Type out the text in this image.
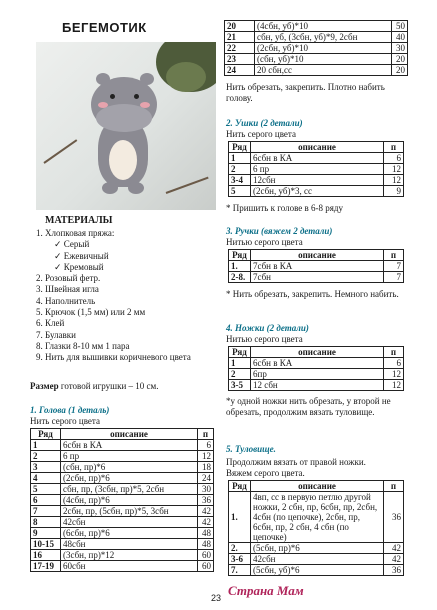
БЕГЕМОТИК
МАТЕРИАЛЫ
1. Хлопковая пряжа:
✓ Серый
✓ Ежевичный
✓ Кремовый
2. Розовый фетр.
3. Швейная игла
4. Наполнитель
5. Крючок (1,5 мм) или 2 мм
6. Клей
7. Булавки
8. Глазки 8-10 мм 1 пара
9. Нить для вышивки коричневого цвета
Размер готовой игрушки – 10 см.
1. Голова (1 деталь)
Нить серого цвета
Ряд	описание	п
1	6сбн в КА	6
2	6 пр	12
3	(сбн, пр)*6	18
4	(2сбн, пр)*6	24
5	сбн, пр, (3сбн, пр)*5, 2сбн	30
6	(4сбн, пр)*6	36
7	2сбн, пр, (5сбн, пр)*5, 3сбн	42
8	42сбн	42
9	(6сбн, пр)*6	48
10-15	48сбн	48
16	(3сбн, пр)*12	60
17-19	60сбн	60
20	(4сбн, уб)*10	50
21	сбн, уб, (3сбн, уб)*9, 2сбн	40
22	(2сбн, уб)*10	30
23	(сбн, уб)*10	20
24	20 сбн,сс	20
Нить обрезать, закрепить. Плотно набить голову.
2. Ушки (2 детали)
Нить серого цвета
Ряд	описание	п
1	6сбн в КА	6
2	6 пр	12
3-4	12сбн	12
5	(2сбн, уб)*3, сс	9
* Пришить к голове в 6-8 ряду
3. Ручки (вяжем 2 детали)
Нитью серого цвета
Ряд	описание	п
1.	7сбн в КА	7
2-8.	7сбн	7
* Нить обрезать, закрепить. Немного набить.
4. Ножки (2 детали)
Нитью серого цвета
Ряд	описание	п
1	6сбн в КА	6
2	6пр	12
3-5	12 сбн	12
*у одной ножки нить обрезать, у второй не обрезать, продолжим вязать туловище.
5. Туловище.
Продолжим вязать от правой ножки.
Вяжем серого цвета.
Ряд	описание	п
1.	4вп, сс в первую петлю другой ножки, 2 сбн, пр, 6сбн, пр, 2сбн, 4сбн (по цепочке), 2сбн, пр, 6сбн, пр, 2 сбн, 4 сбн (по цепочке)	36
2.	(5сбн, пр)*6	42
3-6	42сбн	42
7.	(5сбн, уб)*6	36
23 Страна Мам
